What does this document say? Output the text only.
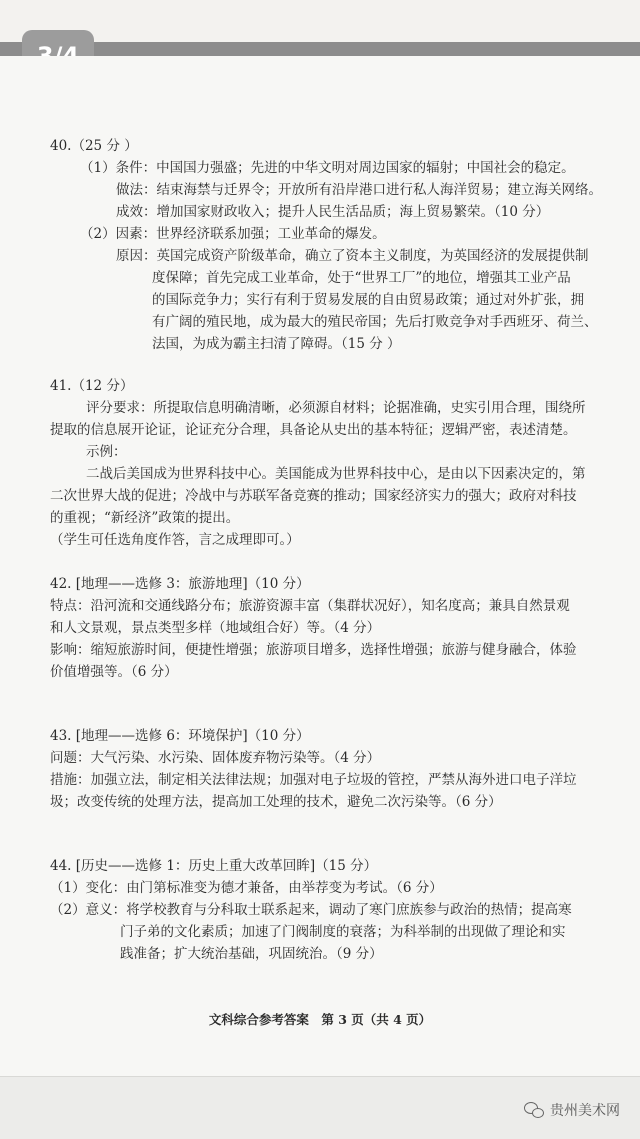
40.（25 分 ）
（1）条件：中国国力强盛；先进的中华文明对周边国家的辐射；中国社会的稳定。
做法：结束海禁与迁界令；开放所有沿岸港口进行私人海洋贸易；建立海关网络。
成效：增加国家财政收入；提升人民生活品质；海上贸易繁荣。（10 分）
（2）因素：世界经济联系加强；工业革命的爆发。
原因：英国完成资产阶级革命，确立了资本主义制度，为英国经济的发展提供制
度保障；首先完成工业革命，处于“世界工厂”的地位，增强其工业产品
的国际竞争力；实行有利于贸易发展的自由贸易政策；通过对外扩张，拥
有广阔的殖民地，成为最大的殖民帝国；先后打败竞争对手西班牙、荷兰、
法国，为成为霸主扫清了障碍。（15 分 ）
41.（12 分）
评分要求：所提取信息明确清晰，必须源自材料；论据准确，史实引用合理，围绕所
提取的信息展开论证，论证充分合理，具备论从史出的基本特征；逻辑严密，表述清楚。
示例：
二战后美国成为世界科技中心。美国能成为世界科技中心，是由以下因素决定的，第
二次世界大战的促进；冷战中与苏联军备竞赛的推动；国家经济实力的强大；政府对科技
的重视；“新经济”政策的提出。
（学生可任选角度作答，言之成理即可。）
42. [地理——选修 3：旅游地理]（10 分）
特点：沿河流和交通线路分布；旅游资源丰富（集群状况好），知名度高；兼具自然景观
和人文景观，景点类型多样（地域组合好）等。（4 分）
影响：缩短旅游时间，便捷性增强；旅游项目增多，选择性增强；旅游与健身融合，体验
价值增强等。（6 分）
43. [地理——选修 6：环境保护]（10 分）
问题：大气污染、水污染、固体废弃物污染等。（4 分）
措施：加强立法，制定相关法律法规；加强对电子垃圾的管控，严禁从海外进口电子洋垃
圾；改变传统的处理方法，提高加工处理的技术，避免二次污染等。（6 分）
44. [历史——选修 1：历史上重大改革回眸]（15 分）
（1）变化：由门第标准变为德才兼备，由举荐变为考试。（6 分）
（2）意义：将学校教育与分科取士联系起来，调动了寒门庶族参与政治的热情；提高寒
门子弟的文化素质；加速了门阀制度的衰落；为科举制的出现做了理论和实
践准备；扩大统治基础，巩固统治。（9 分）
文科综合参考答案　第 3 页（共 4 页）
贵州美术网
